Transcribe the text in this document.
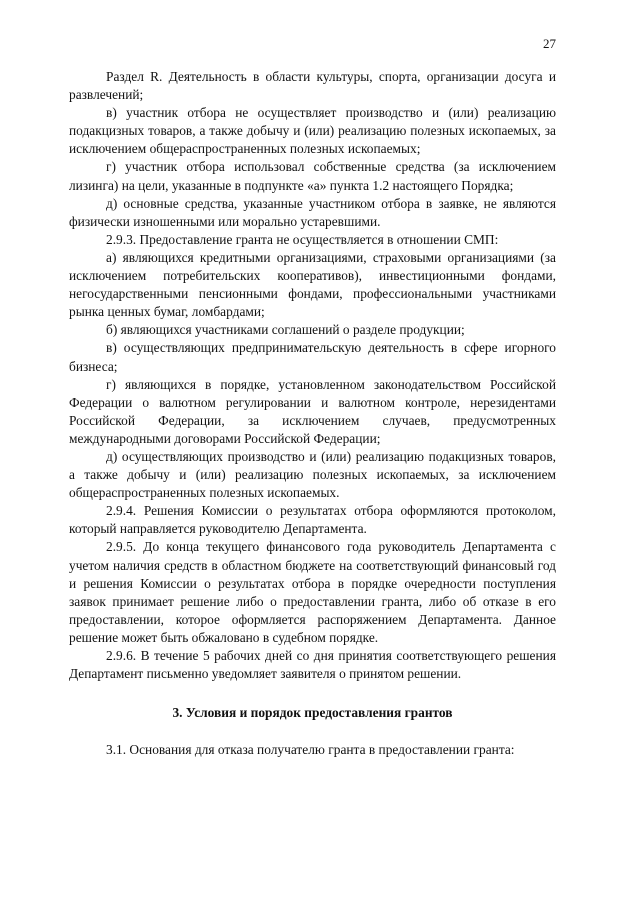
27

Раздел R. Деятельность в области культуры, спорта, организации досуга и развлечений;

в) участник отбора не осуществляет производство и (или) реализацию подакцизных товаров, а также добычу и (или) реализацию полезных ископаемых, за исключением общераспространенных полезных ископаемых;

г) участник отбора использовал собственные средства (за исключением лизинга) на цели, указанные в подпункте «а» пункта 1.2 настоящего Порядка;

д) основные средства, указанные участником отбора в заявке, не являются физически изношенными или морально устаревшими.

2.9.3. Предоставление гранта не осуществляется в отношении СМП:

а) являющихся кредитными организациями, страховыми организациями (за исключением потребительских кооперативов), инвестиционными фондами, негосударственными пенсионными фондами, профессиональными участниками рынка ценных бумаг, ломбардами;

б) являющихся участниками соглашений о разделе продукции;

в) осуществляющих предпринимательскую деятельность в сфере игорного бизнеса;

г) являющихся в порядке, установленном законодательством Российской Федерации о валютном регулировании и валютном контроле, нерезидентами Российской Федерации, за исключением случаев, предусмотренных международными договорами Российской Федерации;

д) осуществляющих производство и (или) реализацию подакцизных товаров, а также добычу и (или) реализацию полезных ископаемых, за исключением общераспространенных полезных ископаемых.

2.9.4. Решения Комиссии о результатах отбора оформляются протоколом, который направляется руководителю Департамента.

2.9.5. До конца текущего финансового года руководитель Департамента с учетом наличия средств в областном бюджете на соответствующий финансовый год и решения Комиссии о результатах отбора в порядке очередности поступления заявок принимает решение либо о предоставлении гранта, либо об отказе в его предоставлении, которое оформляется распоряжением Департамента. Данное решение может быть обжаловано в судебном порядке.

2.9.6. В течение 5 рабочих дней со дня принятия соответствующего решения Департамент письменно уведомляет заявителя о принятом решении.

3. Условия и порядок предоставления грантов

3.1. Основания для отказа получателю гранта в предоставлении гранта:
